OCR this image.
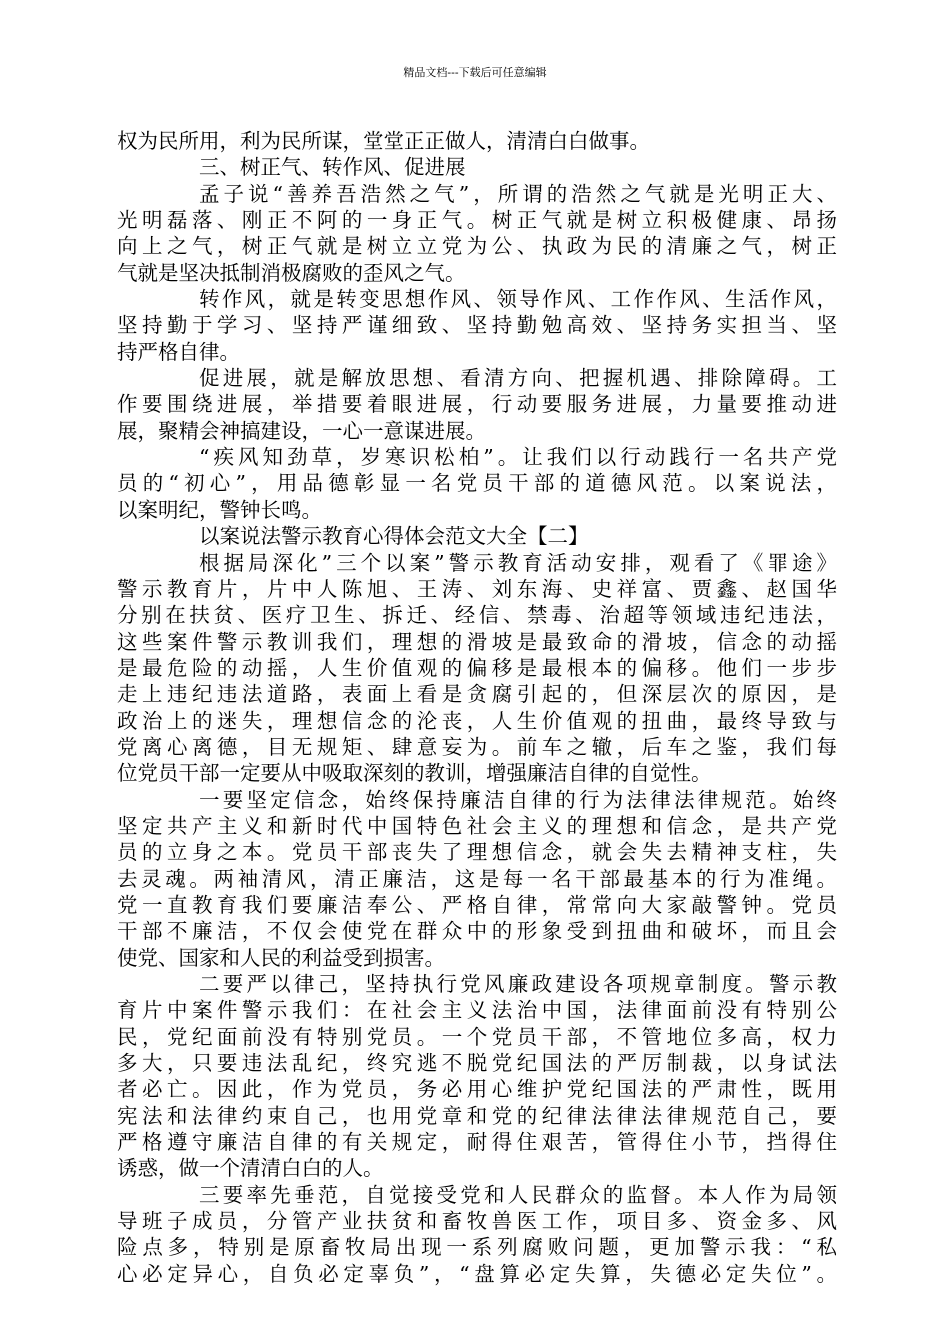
精品文档---下载后可任意编辑
权为民所用，利为民所谋，堂堂正正做人，清清白白做事。
三、树正气、转作风、促进展
孟子说“善养吾浩然之气”，所谓的浩然之气就是光明正大、
光明磊落、刚正不阿的一身正气。树正气就是树立积极健康、昂扬
向上之气，树正气就是树立立党为公、执政为民的清廉之气，树正
气就是坚决抵制消极腐败的歪风之气。
转作风，就是转变思想作风、领导作风、工作作风、生活作风，
坚持勤于学习、坚持严谨细致、坚持勤勉高效、坚持务实担当、坚
持严格自律。
促进展，就是解放思想、看清方向、把握机遇、排除障碍。工
作要围绕进展，举措要着眼进展，行动要服务进展，力量要推动进
展，聚精会神搞建设，一心一意谋进展。
“疾风知劲草，岁寒识松柏”。让我们以行动践行一名共产党
员的“初心”，用品德彰显一名党员干部的道德风范。以案说法，
以案明纪，警钟长鸣。
以案说法警示教育心得体会范文大全【二】
根据局深化”三个以案”警示教育活动安排，观看了《罪途》
警示教育片，片中人陈旭、王涛、刘东海、史祥富、贾鑫、赵国华
分别在扶贫、医疗卫生、拆迁、经信、禁毒、治超等领域违纪违法，
这些案件警示教训我们，理想的滑坡是最致命的滑坡，信念的动摇
是最危险的动摇，人生价值观的偏移是最根本的偏移。他们一步步
走上违纪违法道路，表面上看是贪腐引起的，但深层次的原因，是
政治上的迷失，理想信念的沦丧，人生价值观的扭曲，最终导致与
党离心离德，目无规矩、肆意妄为。前车之辙，后车之鉴，我们每
位党员干部一定要从中吸取深刻的教训，增强廉洁自律的自觉性。
一要坚定信念，始终保持廉洁自律的行为法律法律规范。始终
坚定共产主义和新时代中国特色社会主义的理想和信念，是共产党
员的立身之本。党员干部丧失了理想信念，就会失去精神支柱，失
去灵魂。两袖清风，清正廉洁，这是每一名干部最基本的行为准绳。
党一直教育我们要廉洁奉公、严格自律，常常向大家敲警钟。党员
干部不廉洁，不仅会使党在群众中的形象受到扭曲和破坏，而且会
使党、国家和人民的利益受到损害。
二要严以律己，坚持执行党风廉政建设各项规章制度。警示教
育片中案件警示我们：在社会主义法治中国，法律面前没有特别公
民，党纪面前没有特别党员。一个党员干部，不管地位多高，权力
多大，只要违法乱纪，终究逃不脱党纪国法的严厉制裁，以身试法
者必亡。因此，作为党员，务必用心维护党纪国法的严肃性，既用
宪法和法律约束自己，也用党章和党的纪律法律法律规范自己，要
严格遵守廉洁自律的有关规定，耐得住艰苦，管得住小节，挡得住
诱惑，做一个清清白白的人。
三要率先垂范，自觉接受党和人民群众的监督。本人作为局领
导班子成员，分管产业扶贫和畜牧兽医工作，项目多、资金多、风
险点多，特别是原畜牧局出现一系列腐败问题，更加警示我：“私
心必定异心，自负必定辜负”，“盘算必定失算，失德必定失位”。
